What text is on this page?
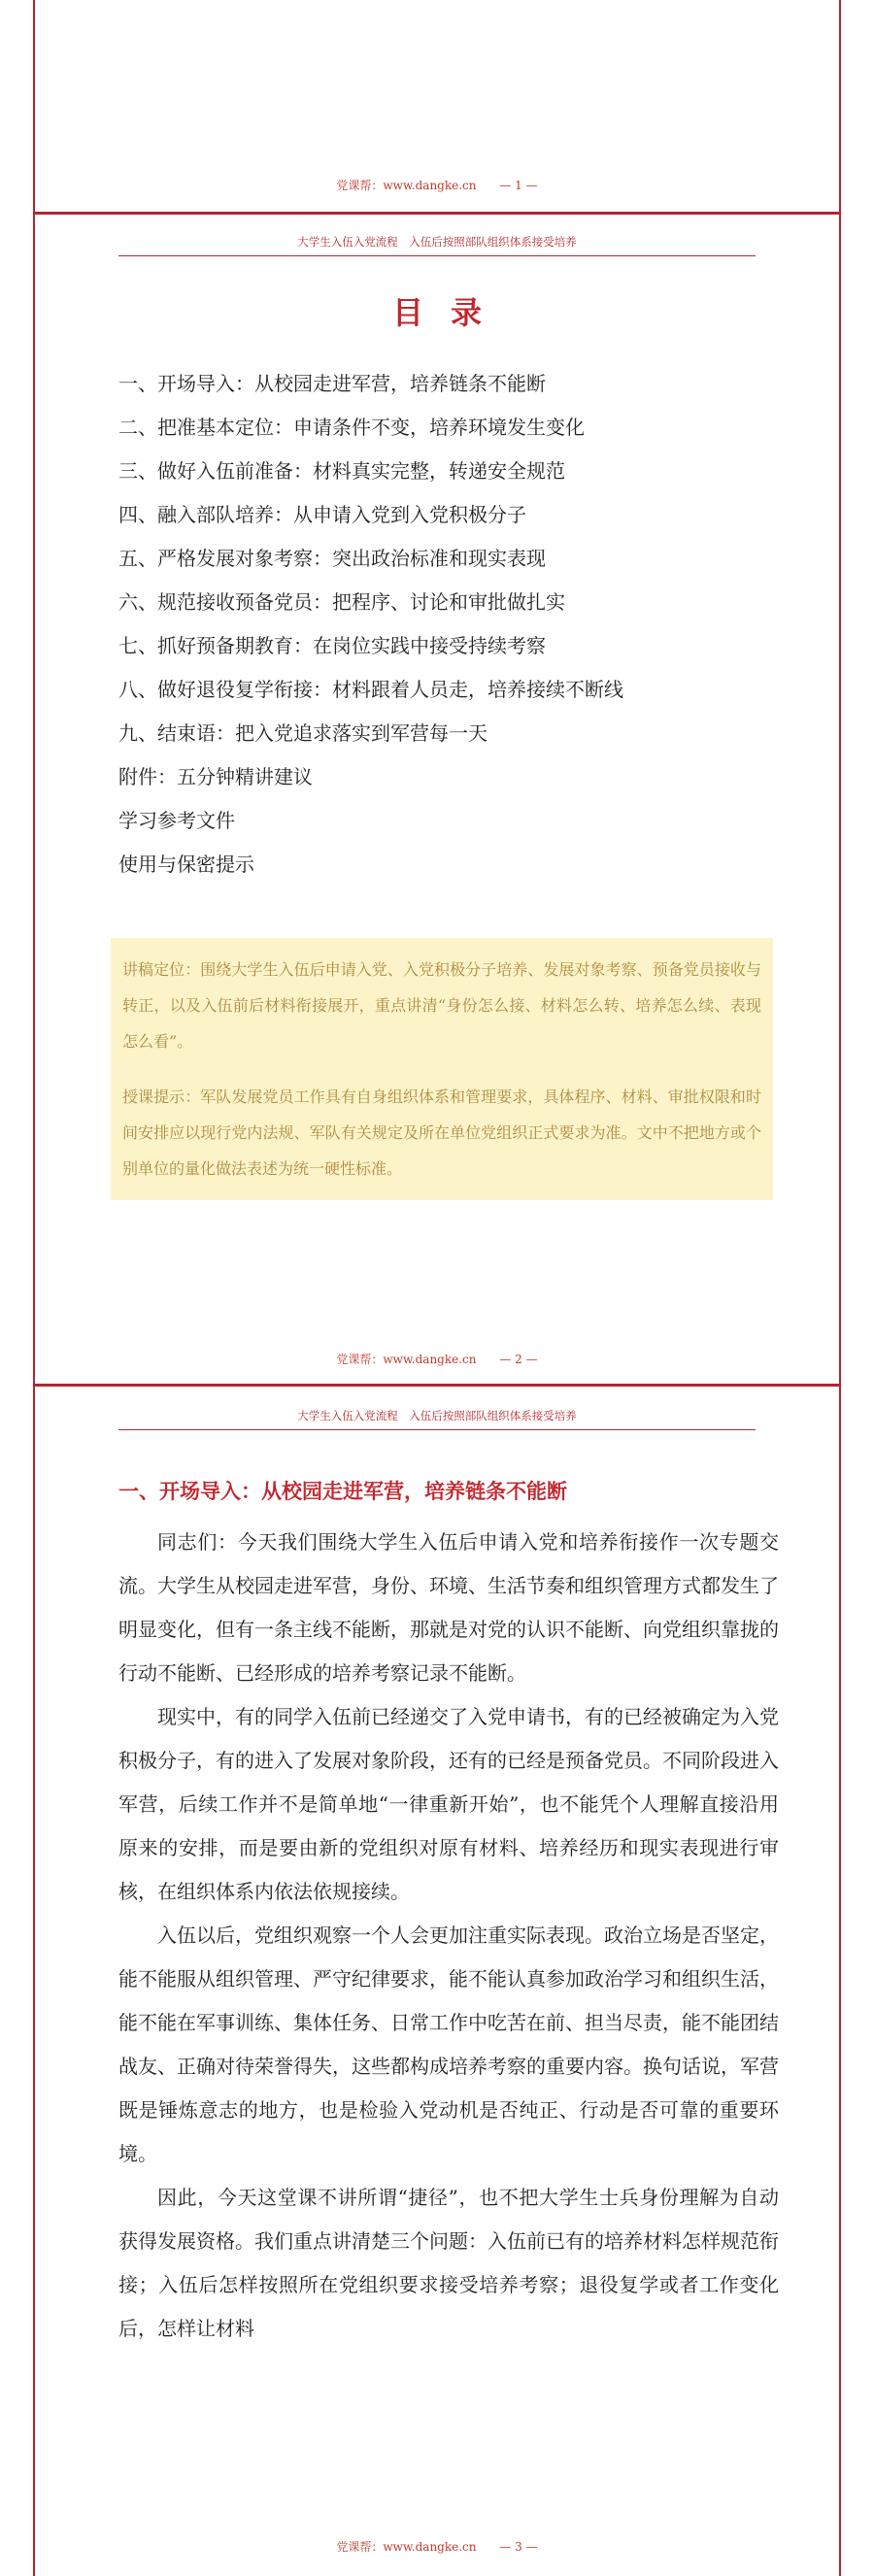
党课帮：www.dangke.cn — 1 —
大学生入伍入党流程　入伍后按照部队组织体系接受培养
目录
一、开场导入：从校园走进军营，培养链条不能断
二、把准基本定位：申请条件不变，培养环境发生变化
三、做好入伍前准备：材料真实完整，转递安全规范
四、融入部队培养：从申请入党到入党积极分子
五、严格发展对象考察：突出政治标准和现实表现
六、规范接收预备党员：把程序、讨论和审批做扎实
七、抓好预备期教育：在岗位实践中接受持续考察
八、做好退役复学衔接：材料跟着人员走，培养接续不断线
九、结束语：把入党追求落实到军营每一天
附件：五分钟精讲建议
学习参考文件
使用与保密提示

讲稿定位：围绕大学生入伍后申请入党、入党积极分子培养、发展对象考察、预备党员接收与转正，以及入伍前后材料衔接展开，重点讲清“身份怎么接、材料怎么转、培养怎么续、表现怎么看”。

授课提示：军队发展党员工作具有自身组织体系和管理要求，具体程序、材料、审批权限和时间安排应以现行党内法规、军队有关规定及所在单位党组织正式要求为准。文中不把地方或个别单位的量化做法表述为统一硬性标准。

党课帮：www.dangke.cn — 2 —
大学生入伍入党流程　入伍后按照部队组织体系接受培养
一、开场导入：从校园走进军营，培养链条不能断

同志们：今天我们围绕大学生入伍后申请入党和培养衔接作一次专题交流。大学生从校园走进军营，身份、环境、生活节奏和组织管理方式都发生了明显变化，但有一条主线不能断，那就是对党的认识不能断、向党组织靠拢的行动不能断、已经形成的培养考察记录不能断。

现实中，有的同学入伍前已经递交了入党申请书，有的已经被确定为入党积极分子，有的进入了发展对象阶段，还有的已经是预备党员。不同阶段进入军营，后续工作并不是简单地“一律重新开始”，也不能凭个人理解直接沿用原来的安排，而是要由新的党组织对原有材料、培养经历和现实表现进行审核，在组织体系内依法依规接续。

入伍以后，党组织观察一个人会更加注重实际表现。政治立场是否坚定，能不能服从组织管理、严守纪律要求，能不能认真参加政治学习和组织生活，能不能在军事训练、集体任务、日常工作中吃苦在前、担当尽责，能不能团结战友、正确对待荣誉得失，这些都构成培养考察的重要内容。换句话说，军营既是锤炼意志的地方，也是检验入党动机是否纯正、行动是否可靠的重要环境。

因此，今天这堂课不讲所谓“捷径”，也不把大学生士兵身份理解为自动获得发展资格。我们重点讲清楚三个问题：入伍前已有的培养材料怎样规范衔接；入伍后怎样按照所在党组织要求接受培养考察；退役复学或者工作变化后，怎样让材料

党课帮：www.dangke.cn — 3 —
